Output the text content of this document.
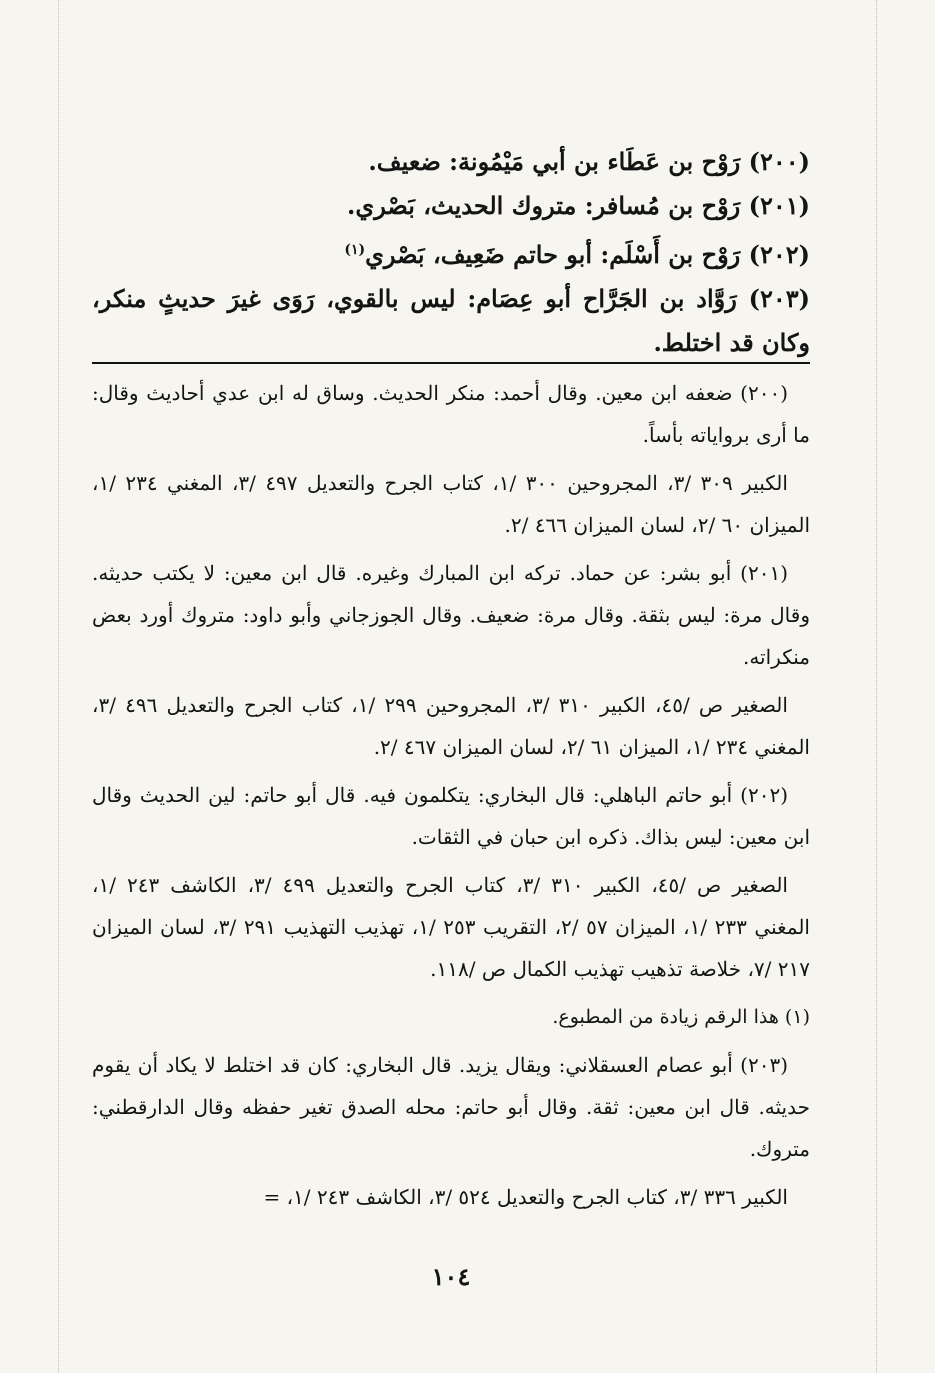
(٢٠٠) رَوْح بن عَطَاء بن أبي مَيْمُونة: ضعيف.

(٢٠١) رَوْح بن مُسافر: متروك الحديث، بَصْري.

(٢٠٢) رَوْح بن أَسْلَم: أبو حاتم ضَعِيف، بَصْري$^{(١)}$

(٢٠٣) رَوَّاد بن الجَرَّاح أبو عِصَام: ليس بالقوي، رَوَى غيرَ حديثٍ منكر، وكان قد اختلط.

(٢٠٠) ضعفه ابن معين. وقال أحمد: منكر الحديث. وساق له ابن عدي أحاديث وقال: ما أرى برواياته بأساً.

الكبير ٣٠٩ /٣، المجروحين ٣٠٠ /١، كتاب الجرح والتعديل ٤٩٧ /٣، المغني ٢٣٤ /١، الميزان ٦٠ /٢، لسان الميزان ٤٦٦ /٢.

(٢٠١) أبو بشر: عن حماد. تركه ابن المبارك وغيره. قال ابن معين: لا يكتب حديثه. وقال مرة: ليس بثقة. وقال مرة: ضعيف. وقال الجوزجاني وأبو داود: متروك أورد بعض منكراته.

الصغير ص /٤٥، الكبير ٣١٠ /٣، المجروحين ٢٩٩ /١، كتاب الجرح والتعديل ٤٩٦ /٣، المغني ٢٣٤ /١، الميزان ٦١ /٢، لسان الميزان ٤٦٧ /٢.

(٢٠٢) أبو حاتم الباهلي: قال البخاري: يتكلمون فيه. قال أبو حاتم: لين الحديث وقال ابن معين: ليس بذاك. ذكره ابن حبان في الثقات.

الصغير ص /٤٥، الكبير ٣١٠ /٣، كتاب الجرح والتعديل ٤٩٩ /٣، الكاشف ٢٤٣ /١، المغني ٢٣٣ /١، الميزان ٥٧ /٢، التقريب ٢٥٣ /١، تهذيب التهذيب ٢٩١ /٣، لسان الميزان ٢١٧ /٧، خلاصة تذهيب تهذيب الكمال ص /١١٨.

(١) هذا الرقم زيادة من المطبوع.

(٢٠٣) أبو عصام العسقلاني: ويقال يزيد. قال البخاري: كان قد اختلط لا يكاد أن يقوم حديثه. قال ابن معين: ثقة. وقال أبو حاتم: محله الصدق تغير حفظه وقال الدارقطني: متروك.

الكبير ٣٣٦ /٣، كتاب الجرح والتعديل ٥٢٤ /٣، الكاشف ٢٤٣ /١، =

١٠٤
